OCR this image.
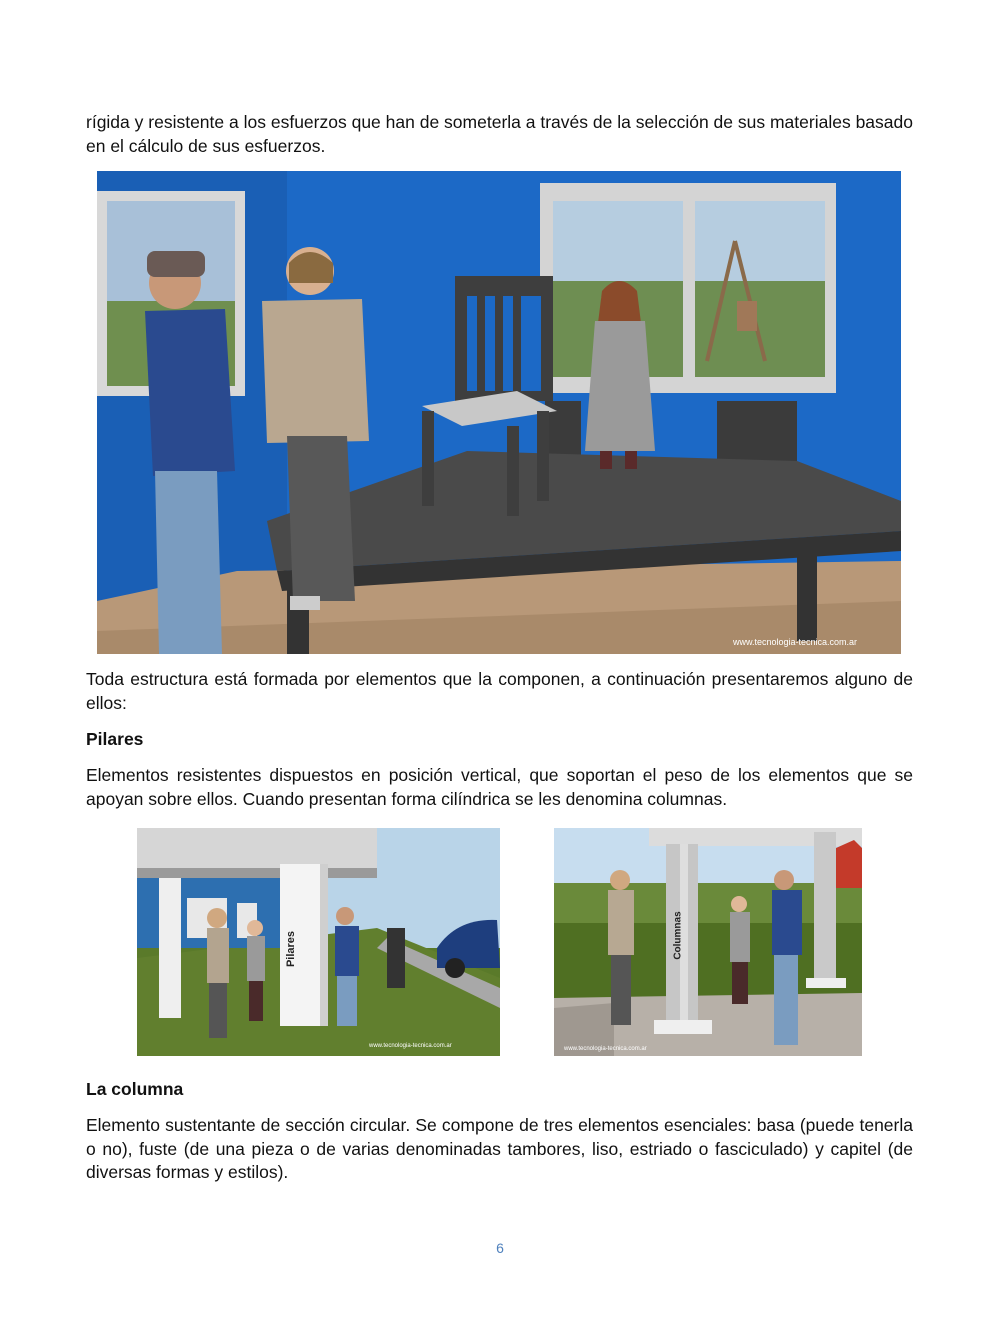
rígida y resistente a los esfuerzos que han de someterla a través de la selección de sus materiales basado en el cálculo de sus esfuerzos.

www.tecnologia-tecnica.com.ar

Toda estructura está formada por elementos que la componen, a continuación presentaremos alguno de ellos:

Pilares

Elementos resistentes dispuestos en posición vertical, que soportan el peso de los elementos que se apoyan sobre ellos. Cuando presentan forma cilíndrica se les denomina columnas.

Pilares
www.tecnologia-tecnica.com.ar
Columnas
www.tecnologia-tecnica.com.ar

La columna

Elemento sustentante de sección circular. Se compone de tres elementos esenciales: basa (puede tenerla o no), fuste (de una pieza o de varias denominadas tambores, liso, estriado o fasciculado) y capitel (de diversas formas y estilos).

6
